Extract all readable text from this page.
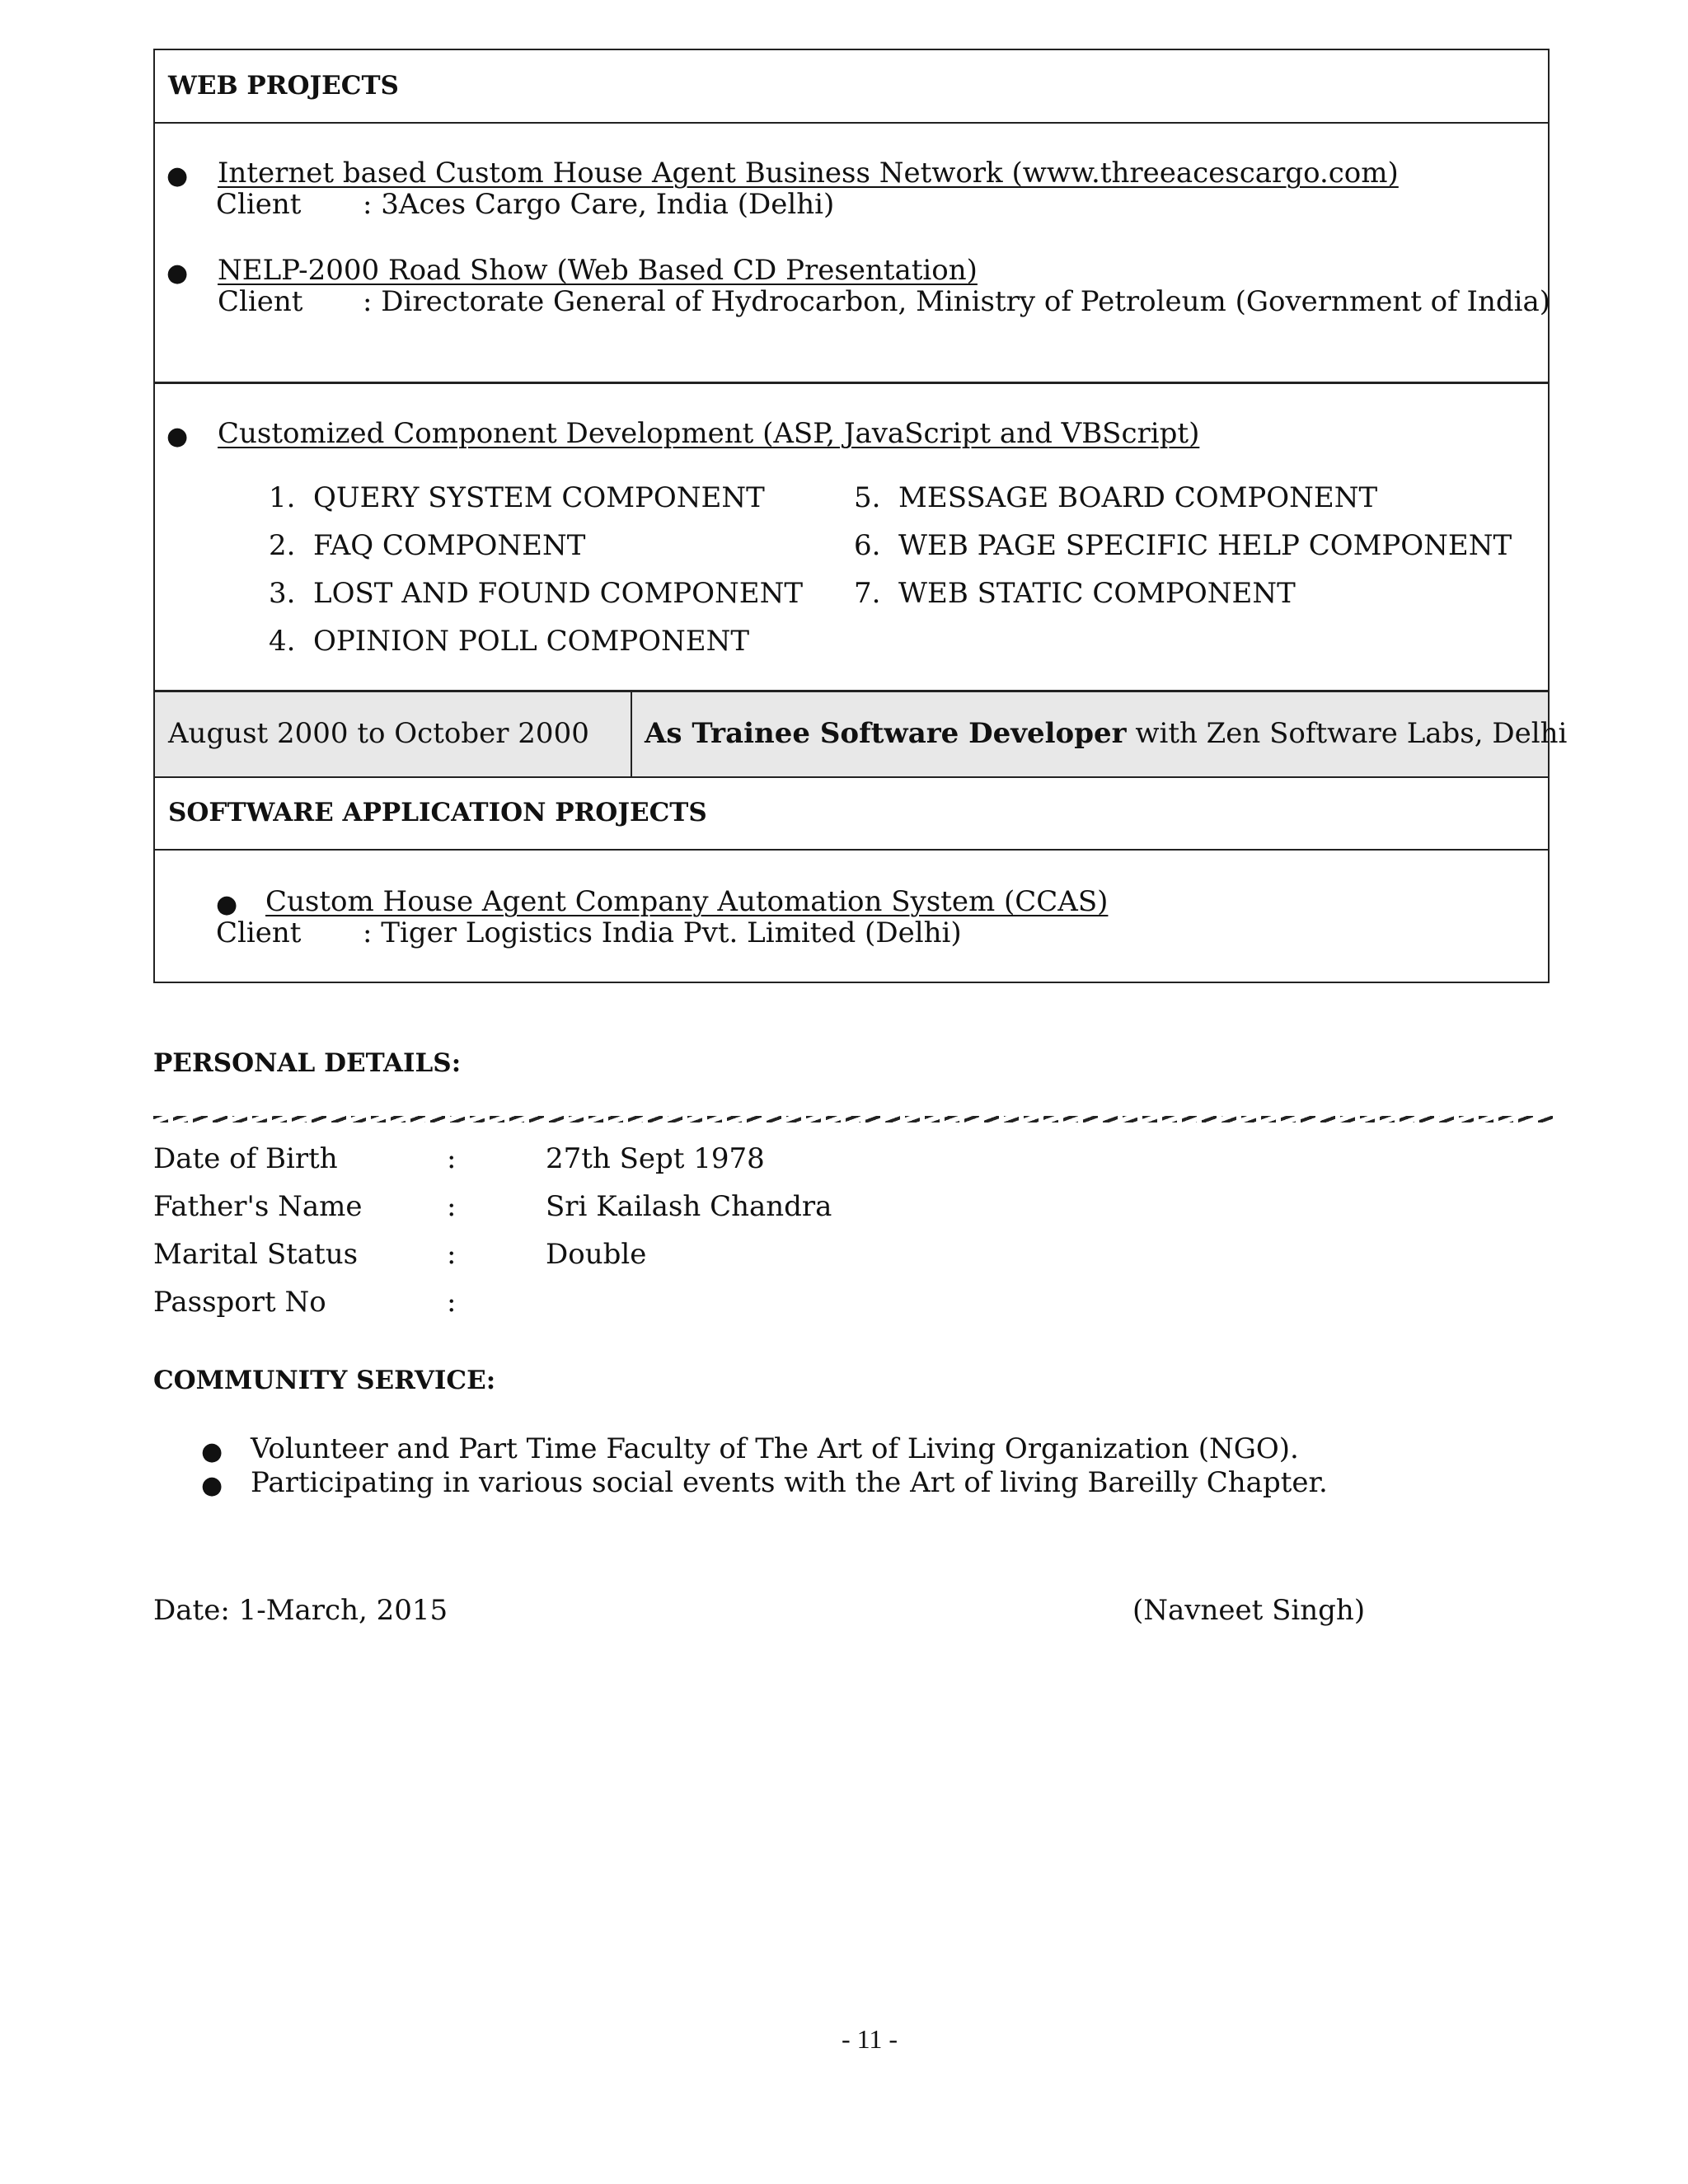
WEB PROJECTS
● Internet based Custom House Agent Business Network (www.threeacescargo.com)
Client : 3Aces Cargo Care, India (Delhi)
● NELP-2000 Road Show (Web Based CD Presentation)
Client : Directorate General of Hydrocarbon, Ministry of Petroleum (Government of India)
● Customized Component Development (ASP, JavaScript and VBScript)
1.  QUERY SYSTEM COMPONENT
2.  FAQ COMPONENT
3.  LOST AND FOUND COMPONENT
4.  OPINION POLL COMPONENT
5.  MESSAGE BOARD COMPONENT
6.  WEB PAGE SPECIFIC HELP COMPONENT
7.  WEB STATIC COMPONENT
August 2000 to October 2000 As Trainee Software Developer with Zen Software Labs, Delhi
SOFTWARE APPLICATION PROJECTS
● Custom House Agent Company Automation System (CCAS)
Client : Tiger Logistics India Pvt. Limited (Delhi)
PERSONAL DETAILS:
Date of Birth	:	27th Sept 1978
Father's Name	:	Sri Kailash Chandra
Marital Status	:	Double
Passport No	:
COMMUNITY SERVICE:
● Volunteer and Part Time Faculty of The Art of Living Organization (NGO).
● Participating in various social events with the Art of living Bareilly Chapter.
Date: 1-March, 2015	(Navneet Singh)
- 11 -
